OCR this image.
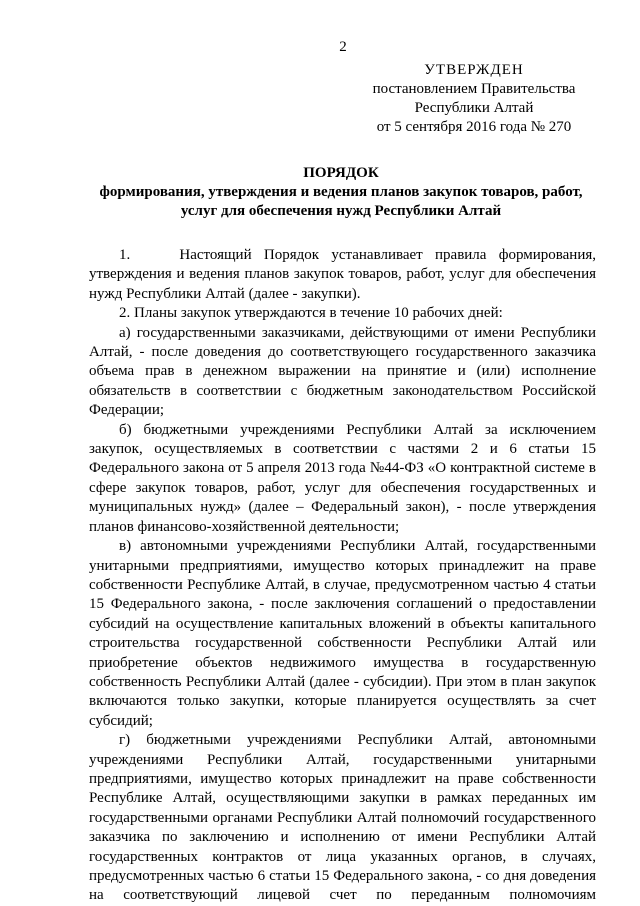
2
УТВЕРЖДЕН
постановлением Правительства
Республики Алтай
от 5 сентября 2016 года № 270
ПОРЯДОК
формирования, утверждения и ведения планов закупок товаров, работ,
услуг для обеспечения нужд Республики Алтай

1.    Настоящий Порядок устанавливает правила формирования, утверждения и ведения планов закупок товаров, работ, услуг для обеспечения нужд Республики Алтай (далее - закупки).

2. Планы закупок утверждаются в течение 10 рабочих дней:

а) государственными заказчиками, действующими от имени Республики Алтай, - после доведения до соответствующего государственного заказчика объема прав в денежном выражении на принятие и (или) исполнение обязательств в соответствии с бюджетным законодательством Российской Федерации;

б) бюджетными учреждениями Республики Алтай за исключением закупок, осуществляемых в соответствии с частями 2 и 6 статьи 15 Федерального закона от 5 апреля 2013 года №44-ФЗ «О контрактной системе в сфере закупок товаров, работ, услуг для обеспечения государственных и муниципальных нужд» (далее – Федеральный закон), - после утверждения планов финансово-хозяйственной деятельности;

в) автономными учреждениями Республики Алтай, государственными унитарными предприятиями, имущество которых принадлежит на праве собственности Республике Алтай, в случае, предусмотренном частью 4 статьи 15 Федерального закона, - после заключения соглашений о предоставлении субсидий на осуществление капитальных вложений в объекты капитального строительства государственной собственности Республики Алтай или приобретение объектов недвижимого имущества в государственную собственность Республики Алтай (далее - субсидии). При этом в план закупок включаются только закупки, которые планируется осуществлять за счет субсидий;

г) бюджетными учреждениями Республики Алтай, автономными учреждениями Республики Алтай, государственными унитарными предприятиями, имущество которых принадлежит на праве собственности Республике Алтай, осуществляющими закупки в рамках переданных им государственными органами Республики Алтай полномочий государственного заказчика по заключению и исполнению от имени Республики Алтай государственных контрактов от лица указанных органов, в случаях, предусмотренных частью 6 статьи 15 Федерального закона, - со дня доведения на соответствующий лицевой счет по переданным полномочиям
